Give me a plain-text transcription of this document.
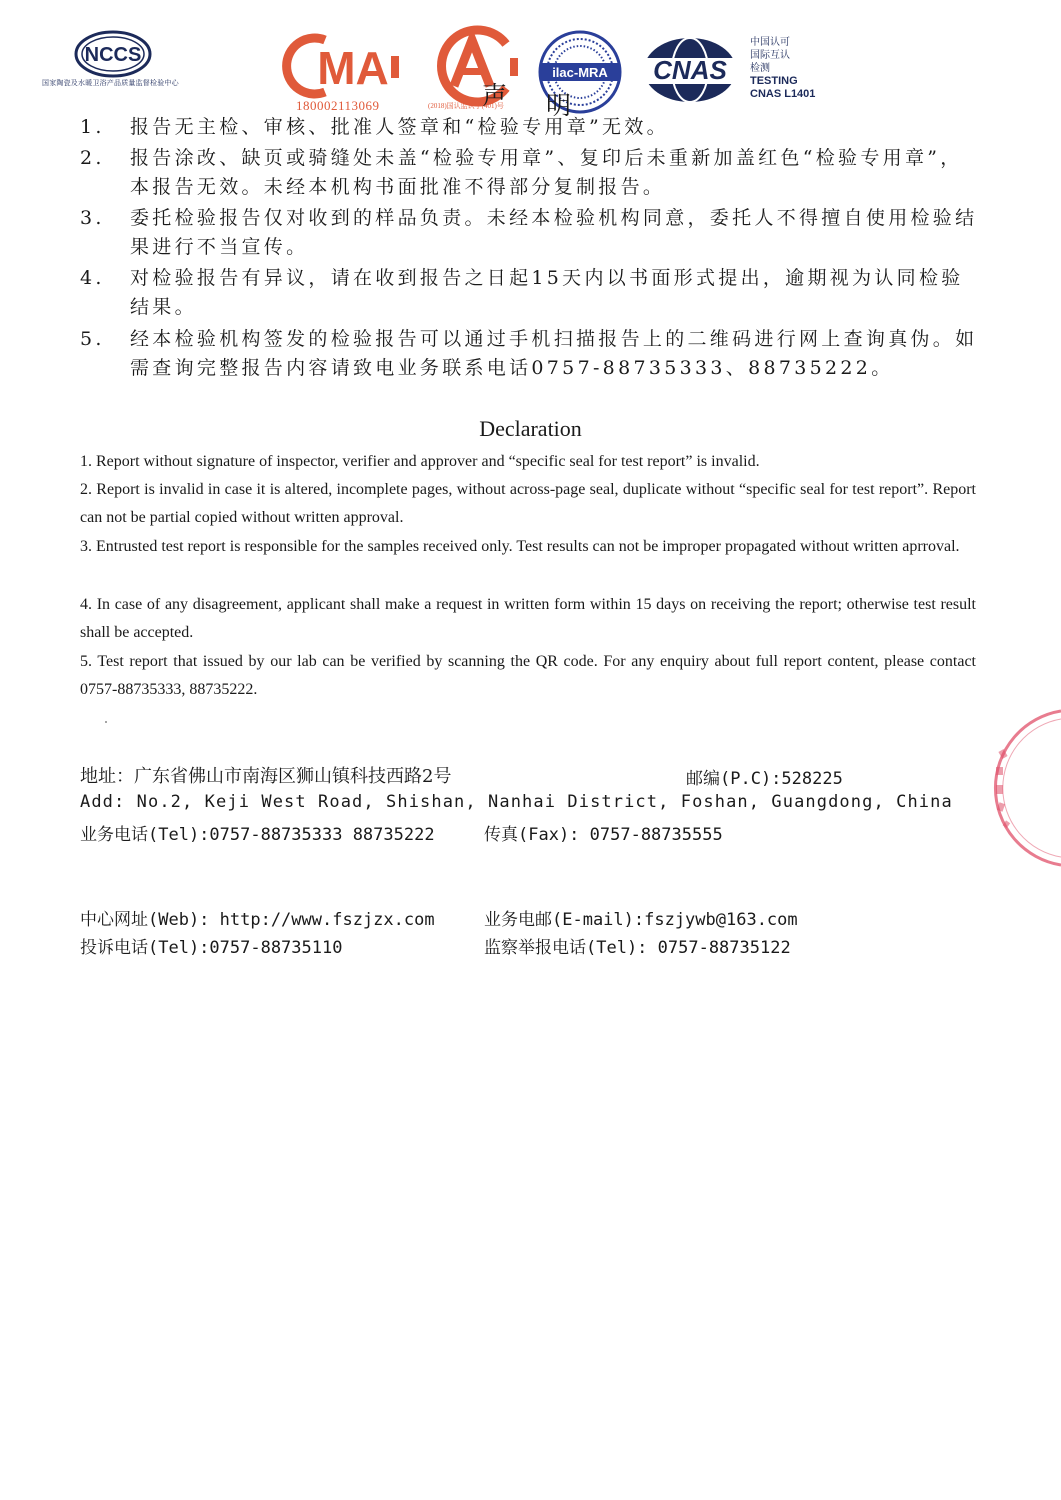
NCCS
国家陶瓷及水暖卫浴产品质量监督检验中心	MA
180002113069	(2018)国认监认字(401)号
ilac-MRA CNAS
中国认可
国际互认
检测
TESTING
CNAS L1401
声 明
1. 报告无主检、审核、批准人签章和“检验专用章”无效。
2. 报告涂改、缺页或骑缝处未盖“检验专用章”、复印后未重新加盖红色“检验专用章”，本报告无效。未经本机构书面批准不得部分复制报告。
3. 委托检验报告仅对收到的样品负责。未经本检验机构同意，委托人不得擅自使用检验结果进行不当宣传。
4. 对检验报告有异议，请在收到报告之日起15天内以书面形式提出，逾期视为认同检验结果。
5. 经本检验机构签发的检验报告可以通过手机扫描报告上的二维码进行网上查询真伪。如需查询完整报告内容请致电业务联系电话0757-88735333、88735222。
Declaration
1. Report without signature of inspector, verifier and approver and “specific seal for test report” is invalid.
2. Report is invalid in case it is altered, incomplete pages, without across-page seal, duplicate without “specific seal for test report”. Report can not be partial copied without written approval.
3. Entrusted test report is responsible for the samples received only. Test results can not be improper propagated without written aprroval.
4. In case of any disagreement, applicant shall make a request in written form within 15 days on receiving the report; otherwise test result shall be accepted.
5. Test report that issued by our lab can be verified by scanning the QR code. For any enquiry about full report content, please contact 0757-88735333, 88735222.
地址：广东省佛山市南海区狮山镇科技西路2号	邮编(P.C):528225
Add: No.2, Keji West Road, Shishan, Nanhai District, Foshan, Guangdong, China
业务电话(Tel):0757-88735333 88735222	传真(Fax): 0757-88735555
中心网址(Web): http://www.fszjzx.com	业务电邮(E-mail):fszjywb@163.com
投诉电话(Tel):0757-88735110	监察举报电话(Tel): 0757-88735122
